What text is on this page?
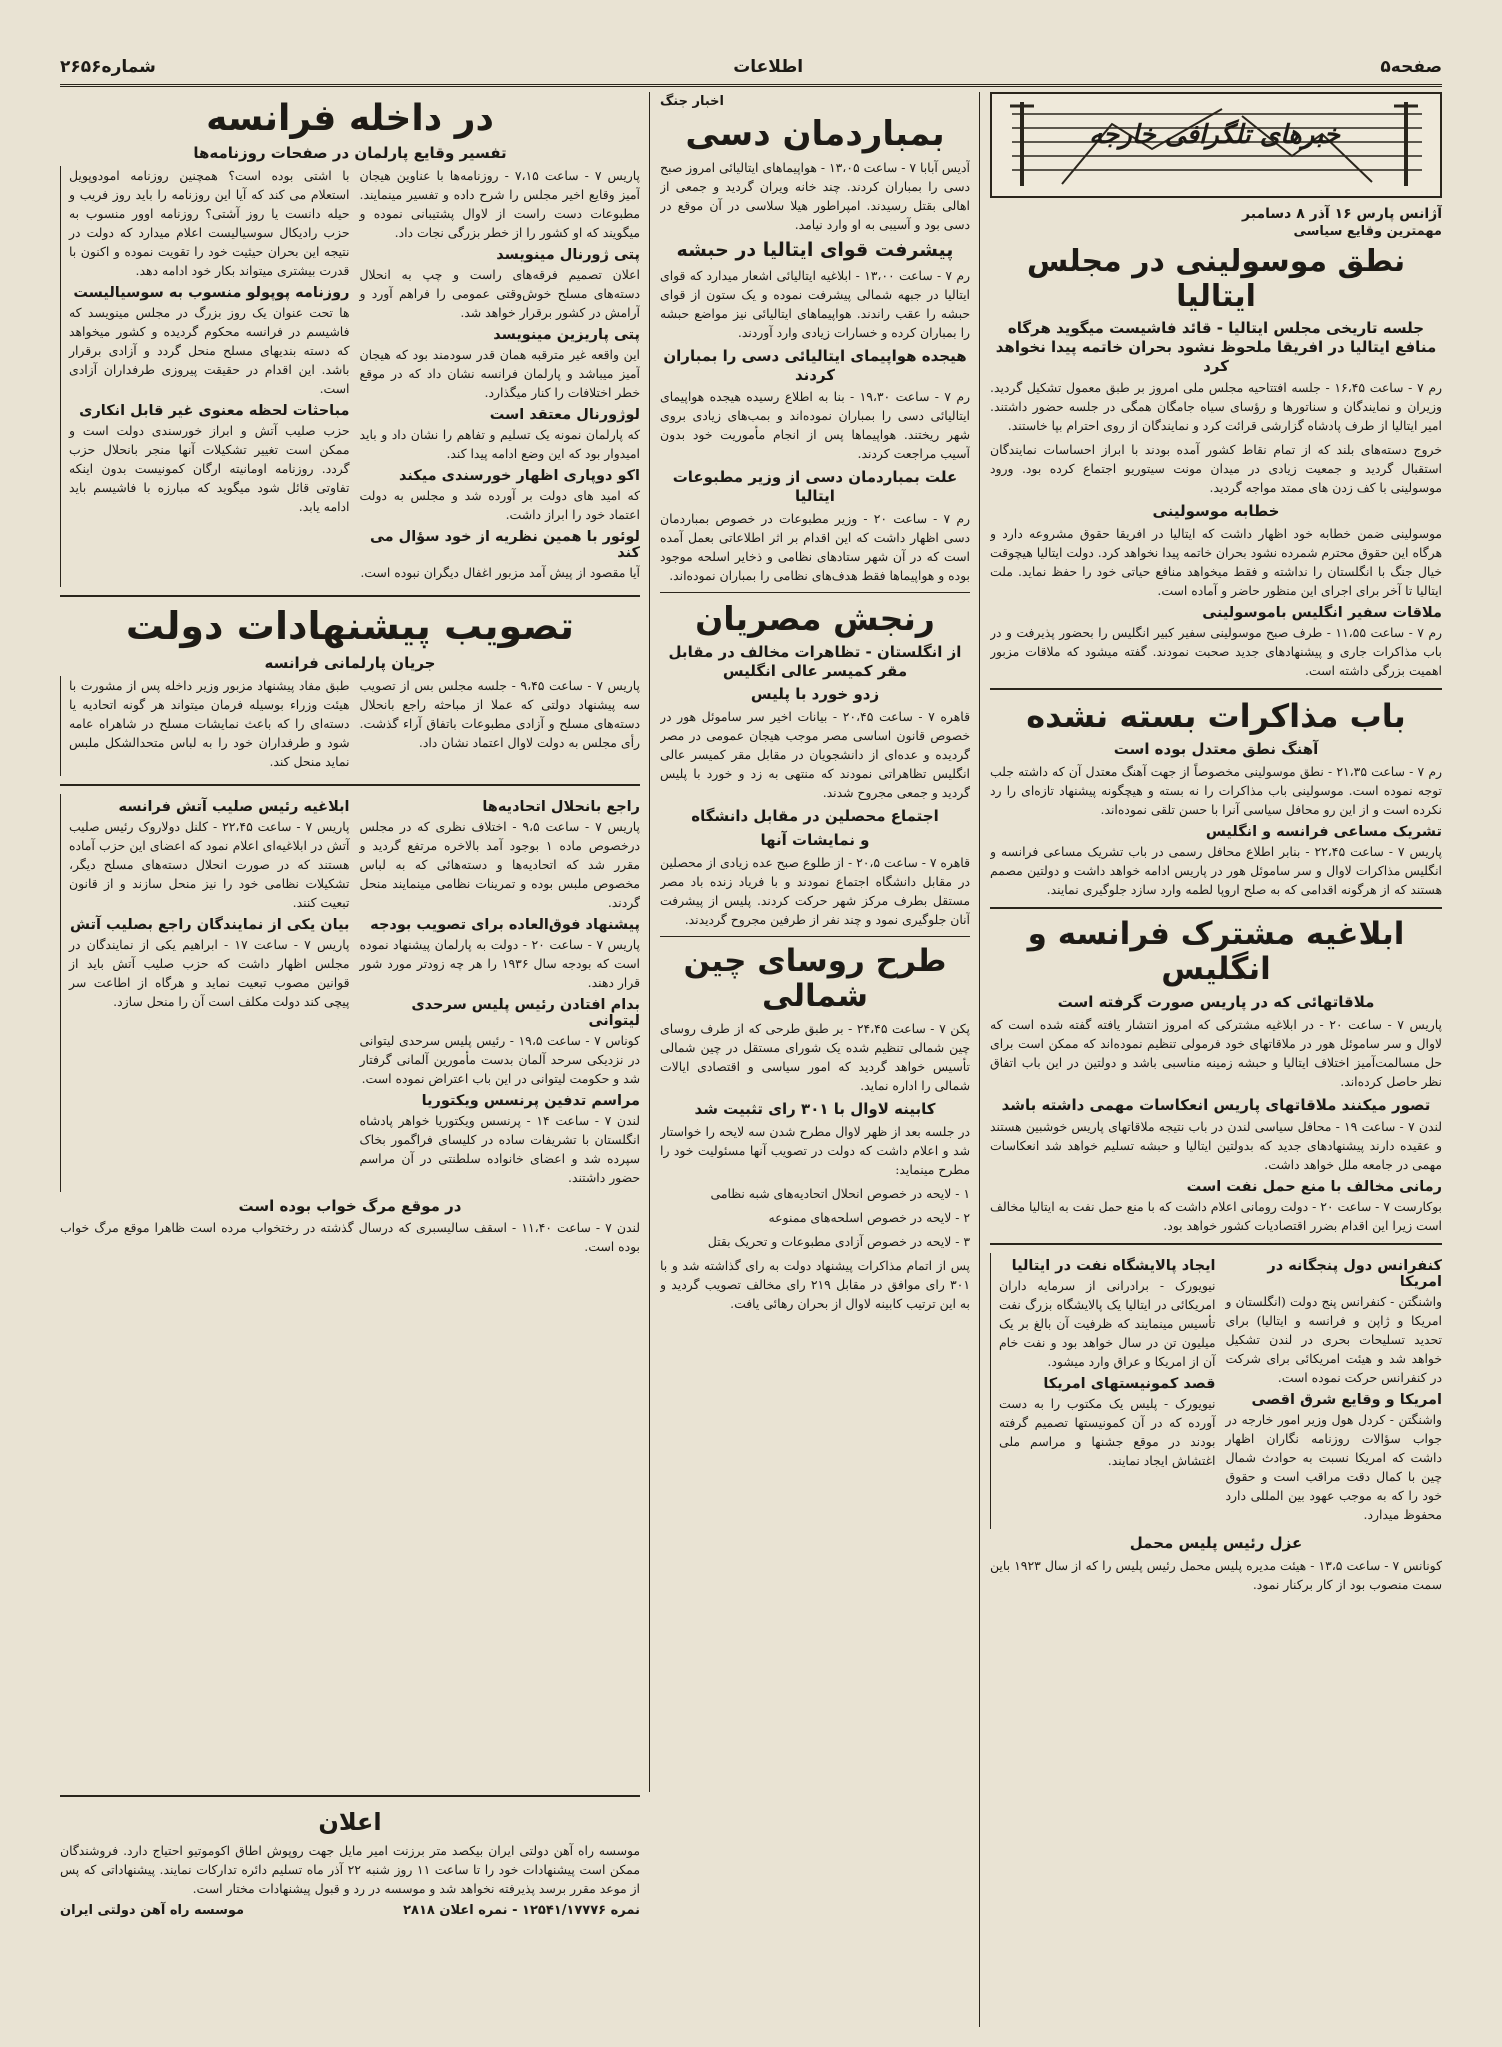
صفحه۵
اطلاعات
شماره۲۶۵۶
خبرهای تلگرافی خارجه
آژانس پارس ۱۶ آذر ۸ دسامبر
مهمترین وقایع سیاسی
نطق موسولینی در مجلس ایتالیا
جلسه تاریخی مجلس ایتالیا - قائد فاشیست میگوید هرگاه منافع ایتالیا در افریقا ملحوظ نشود بحران خاتمه پیدا نخواهد کرد

رم ۷ - ساعت ۱۶،۴۵ - جلسه افتتاحیه مجلس ملی امروز بر طبق معمول تشکیل گردید. وزیران و نمایندگان و سناتورها و رؤسای سیاه جامگان همگی در جلسه حضور داشتند. امیر ایتالیا از طرف پادشاه گزارشی قرائت کرد و نمایندگان از روی احترام بپا خاستند.

خروج دسته‌های بلند که از تمام نقاط کشور آمده بودند با ابراز احساسات نمایندگان استقبال گردید و جمعیت زیادی در میدان مونت سیتوریو اجتماع کرده بود. ورود موسولینی با کف زدن های ممتد مواجه گردید.

خطابه موسولینی

موسولینی ضمن خطابه خود اظهار داشت که ایتالیا در افریقا حقوق مشروعه دارد و هرگاه این حقوق محترم شمرده نشود بحران خاتمه پیدا نخواهد کرد. دولت ایتالیا هیچوقت خیال جنگ با انگلستان را نداشته و فقط میخواهد منافع حیاتی خود را حفظ نماید. ملت ایتالیا تا آخر برای اجرای این منظور حاضر و آماده است.

ملاقات سفیر انگلیس باموسولینی

رم ۷ - ساعت ۱۱،۵۵ - طرف صبح موسولینی سفیر کبیر انگلیس را بحضور پذیرفت و در باب مذاکرات جاری و پیشنهادهای جدید صحبت نمودند. گفته میشود که ملاقات مزبور اهمیت بزرگی داشته است.

باب مذاکرات بسته نشده
آهنگ نطق معتدل بوده است

رم ۷ - ساعت ۲۱،۳۵ - نطق موسولینی مخصوصاً از جهت آهنگ معتدل آن که داشته جلب توجه نموده است. موسولینی باب مذاکرات را نه بسته و هیچگونه پیشنهاد تازه‌ای را رد نکرده است و از این رو محافل سیاسی آنرا با حسن تلقی نموده‌اند.

تشریک مساعی فرانسه و انگلیس

پاریس ۷ - ساعت ۲۲،۴۵ - بنابر اطلاع محافل رسمی در باب تشریک مساعی فرانسه و انگلیس مذاکرات لاوال و سر ساموئل هور در پاریس ادامه خواهد داشت و دولتین مصمم هستند که از هرگونه اقدامی که به صلح اروپا لطمه وارد سازد جلوگیری نمایند.

ابلاغیه مشترک فرانسه و انگلیس
ملاقاتهائی که در پاریس صورت گرفته است

پاریس ۷ - ساعت ۲۰ - در ابلاغیه مشترکی که امروز انتشار یافته گفته شده است که لاوال و سر ساموئل هور در ملاقاتهای خود فرمولی تنظیم نموده‌اند که ممکن است برای حل مسالمت‌آمیز اختلاف ایتالیا و حبشه زمینه مناسبی باشد و دولتین در این باب اتفاق نظر حاصل کرده‌اند.

تصور میکنند ملاقاتهای پاریس انعکاسات مهمی داشته باشد

لندن ۷ - ساعت ۱۹ - محافل سیاسی لندن در باب نتیجه ملاقاتهای پاریس خوشبین هستند و عقیده دارند پیشنهادهای جدید که بدولتین ایتالیا و حبشه تسلیم خواهد شد انعکاسات مهمی در جامعه ملل خواهد داشت.

رمانی مخالف با منع حمل نفت است

بوکارست ۷ - ساعت ۲۰ - دولت رومانی اعلام داشت که با منع حمل نفت به ایتالیا مخالف است زیرا این اقدام بضرر اقتصادیات کشور خواهد بود.

کنفرانس دول پنجگانه در امریکا

واشنگتن - کنفرانس پنج دولت (انگلستان و امریکا و ژاپن و فرانسه و ایتالیا) برای تحدید تسلیحات بحری در لندن تشکیل خواهد شد و هیئت امریکائی برای شرکت در کنفرانس حرکت نموده است.

امریکا و وقایع شرق اقصی

واشنگتن - کردل هول وزیر امور خارجه در جواب سؤالات روزنامه نگاران اظهار داشت که امریکا نسبت به حوادث شمال چین با کمال دقت مراقب است و حقوق خود را که به موجب عهود بین المللی دارد محفوظ میدارد.

ایجاد پالایشگاه نفت در ایتالیا

نیویورک - برادرانی از سرمایه داران امریکائی در ایتالیا یک پالایشگاه بزرگ نفت تأسیس مینمایند که ظرفیت آن بالغ بر یک میلیون تن در سال خواهد بود و نفت خام آن از امریکا و عراق وارد میشود.

قصد کمونیستهای امریکا

نیویورک - پلیس یک مکتوب را به دست آورده که در آن کمونیستها تصمیم گرفته بودند در موقع جشنها و مراسم ملی اغتشاش ایجاد نمایند.

عزل رئیس پلیس محمل

کونانس ۷ - ساعت ۱۳،۵ - هیئت مدیره پلیس محمل رئیس پلیس را که از سال ۱۹۲۳ باین سمت منصوب بود از کار برکنار نمود.

اخبار جنگ
بمباردمان دسی

آدیس آبابا ۷ - ساعت ۱۳،۰۵ - هواپیماهای ایتالیائی امروز صبح دسی را بمباران کردند. چند خانه ویران گردید و جمعی از اهالی بقتل رسیدند. امپراطور هیلا سلاسی در آن موقع در دسی بود و آسیبی به او وارد نیامد.

پیشرفت قوای ایتالیا در حبشه

رم ۷ - ساعت ۱۳،۰۰ - ابلاغیه ایتالیائی اشعار میدارد که قوای ایتالیا در جبهه شمالی پیشرفت نموده و یک ستون از قوای حبشه را عقب راندند. هواپیماهای ایتالیائی نیز مواضع حبشه را بمباران کرده و خسارات زیادی وارد آوردند.

هیجده هواپیمای ایتالیائی دسی را بمباران کردند

رم ۷ - ساعت ۱۹،۳۰ - بنا به اطلاع رسیده هیجده هواپیمای ایتالیائی دسی را بمباران نموده‌اند و بمب‌های زیادی بروی شهر ریختند. هواپیماها پس از انجام مأموریت خود بدون آسیب مراجعت کردند.

علت بمباردمان دسی از وزیر مطبوعات ایتالیا

رم ۷ - ساعت ۲۰ - وزیر مطبوعات در خصوص بمباردمان دسی اظهار داشت که این اقدام بر اثر اطلاعاتی بعمل آمده است که در آن شهر ستادهای نظامی و ذخایر اسلحه موجود بوده و هواپیماها فقط هدف‌های نظامی را بمباران نموده‌اند.

رنجش مصریان
از انگلستان - تظاهرات مخالف در مقابل مقر کمیسر عالی انگلیس
زدو خورد با پلیس

قاهره ۷ - ساعت ۲۰،۴۵ - بیانات اخیر سر ساموئل هور در خصوص قانون اساسی مصر موجب هیجان عمومی در مصر گردیده و عده‌ای از دانشجویان در مقابل مقر کمیسر عالی انگلیس تظاهراتی نمودند که منتهی به زد و خورد با پلیس گردید و جمعی مجروح شدند.

اجتماع محصلین در مقابل دانشگاه
و نمایشات آنها

قاهره ۷ - ساعت ۲۰،۵ - از طلوع صبح عده زیادی از محصلین در مقابل دانشگاه اجتماع نمودند و با فریاد زنده باد مصر مستقل بطرف مرکز شهر حرکت کردند. پلیس از پیشرفت آنان جلوگیری نمود و چند نفر از طرفین مجروح گردیدند.

طرح روسای چین شمالی

پکن ۷ - ساعت ۲۴،۴۵ - بر طبق طرحی که از طرف روسای چین شمالی تنظیم شده یک شورای مستقل در چین شمالی تأسیس خواهد گردید که امور سیاسی و اقتصادی ایالات شمالی را اداره نماید.

کابینه لاوال با ۳۰۱ رای تثبیت شد

در جلسه بعد از ظهر لاوال مطرح شدن سه لایحه را خواستار شد و اعلام داشت که دولت در تصویب آنها مسئولیت خود را مطرح مینماید:

۱ - لایحه در خصوص انحلال اتحادیه‌های شبه نظامی

۲ - لایحه در خصوص اسلحه‌های ممنوعه

۳ - لایحه در خصوص آزادی مطبوعات و تحریک بقتل

پس از اتمام مذاکرات پیشنهاد دولت به رای گذاشته شد و با ۳۰۱ رای موافق در مقابل ۲۱۹ رای مخالف تصویب گردید و به این ترتیب کابینه لاوال از بحران رهائی یافت.

در داخله فرانسه
تفسیر وقایع پارلمان در صفحات روزنامه‌ها

پاریس ۷ - ساعت ۷،۱۵ - روزنامه‌ها با عناوین هیجان آمیز وقایع اخیر مجلس را شرح داده و تفسیر مینمایند. مطبوعات دست راست از لاوال پشتیبانی نموده و میگویند که او کشور را از خطر بزرگی نجات داد.

پتی ژورنال مینویسد

اعلان تصمیم فرقه‌های راست و چپ به انحلال دسته‌های مسلح خوش‌وقتی عمومی را فراهم آورد و آرامش در کشور برقرار خواهد شد.

پتی پاریزین مینویسد

این واقعه غیر مترقبه همان قدر سودمند بود که هیجان آمیز میباشد و پارلمان فرانسه نشان داد که در موقع خطر اختلافات را کنار میگذارد.

لوژورنال معتقد است

که پارلمان نمونه یک تسلیم و تفاهم را نشان داد و باید امیدوار بود که این وضع ادامه پیدا کند.

اکو دوپاری اظهار خورسندی میکند

که امید های دولت بر آورده شد و مجلس به دولت اعتماد خود را ابراز داشت.

لوئور با همین نظریه از خود سؤال می کند

آیا مقصود از پیش آمد مزبور اغفال دیگران نبوده است.

با اشتی بوده است؟ همچنین روزنامه امودوپویل استعلام می کند که آیا این روزنامه را باید روز فریب و حیله دانست یا روز آشتی؟ روزنامه اوور منسوب به حزب رادیکال سوسیالیست اعلام میدارد که دولت در نتیجه این بحران حیثیت خود را تقویت نموده و اکنون با قدرت بیشتری میتواند بکار خود ادامه دهد.

روزنامه پوپولو منسوب به سوسیالیست

ها تحت عنوان یک روز بزرگ در مجلس مینویسد که فاشیسم در فرانسه محکوم گردیده و کشور میخواهد که دسته بندیهای مسلح منحل گردد و آزادی برقرار باشد. این اقدام در حقیقت پیروزی طرفداران آزادی است.

مباحثات لحظه معنوی غیر قابل انکاری

حزب صلیب آتش و ابراز خورسندی دولت است و ممکن است تغییر تشکیلات آنها منجر بانحلال حزب گردد. روزنامه اومانیته ارگان کمونیست بدون اینکه تفاوتی قائل شود میگوید که مبارزه با فاشیسم باید ادامه یابد.

تصویب پیشنهادات دولت
جریان پارلمانی فرانسه

پاریس ۷ - ساعت ۹،۴۵ - جلسه مجلس بس از تصویب سه پیشنهاد دولتی که عملا از مباحثه راجع بانحلال دسته‌های مسلح و آزادی مطبوعات باتفاق آراء گذشت. رأی مجلس به دولت لاوال اعتماد نشان داد.

طبق مفاد پیشنهاد مزبور وزیر داخله پس از مشورت با هیئت وزراء بوسیله فرمان میتواند هر گونه اتحادیه یا دسته‌ای را که باعث نمایشات مسلح در شاهراه عامه شود و طرفداران خود را به لباس متحدالشکل ملبس نماید منحل کند.

راجع بانحلال اتحادیه‌ها

پاریس ۷ - ساعت ۹،۵ - اختلاف نظری که در مجلس درخصوص ماده ۱ بوجود آمد بالاخره مرتفع گردید و مقرر شد که اتحادیه‌ها و دسته‌هائی که به لباس مخصوص ملبس بوده و تمرینات نظامی مینمایند منحل گردند.

پیشنهاد فوق‌العاده برای تصویب بودجه

پاریس ۷ - ساعت ۲۰ - دولت به پارلمان پیشنهاد نموده است که بودجه سال ۱۹۳۶ را هر چه زودتر مورد شور قرار دهند.

بدام افتادن رئیس پلیس سرحدی لیتوانی

کوناس ۷ - ساعت ۱۹،۵ - رئیس پلیس سرحدی لیتوانی در نزدیکی سرحد آلمان بدست مأمورین آلمانی گرفتار شد و حکومت لیتوانی در این باب اعتراض نموده است.

مراسم تدفین پرنسس ویکتوریا

لندن ۷ - ساعت ۱۴ - پرنسس ویکتوریا خواهر پادشاه انگلستان با تشریفات ساده در کلیسای فراگمور بخاک سپرده شد و اعضای خانواده سلطنتی در آن مراسم حضور داشتند.

ابلاغیه رئیس صلیب آتش فرانسه

پاریس ۷ - ساعت ۲۲،۴۵ - کلنل دولاروک رئیس صلیب آتش در ابلاغیه‌ای اعلام نمود که اعضای این حزب آماده هستند که در صورت انحلال دسته‌های مسلح دیگر، تشکیلات نظامی خود را نیز منحل سازند و از قانون تبعیت کنند.

بیان یکی از نمایندگان راجع بصلیب آتش

پاریس ۷ - ساعت ۱۷ - ابراهیم یکی از نمایندگان در مجلس اظهار داشت که حزب صلیب آتش باید از قوانین مصوب تبعیت نماید و هرگاه از اطاعت سر پیچی کند دولت مکلف است آن را منحل سازد.

در موقع مرگ خواب بوده است

لندن ۷ - ساعت ۱۱،۴۰ - اسقف سالیسبری که درسال گذشته در رختخواب مرده است ظاهرا موقع مرگ خواب بوده است.

اعلان

موسسه راه آهن دولتی ایران بیکصد متر برزنت امیر مایل جهت روپوش اطاق اکوموتیو احتیاج دارد. فروشندگان ممکن است پیشنهادات خود را تا ساعت ۱۱ روز شنبه ۲۲ آذر ماه تسلیم دائره تدارکات نمایند. پیشنهاداتی که پس از موعد مقرر برسد پذیرفته نخواهد شد و موسسه در رد و قبول پیشنهادات مختار است.

نمره ۱۲۵۴۱/۱۷۷۷۶ - نمره اعلان ۲۸۱۸
موسسه راه آهن دولتی ایران
